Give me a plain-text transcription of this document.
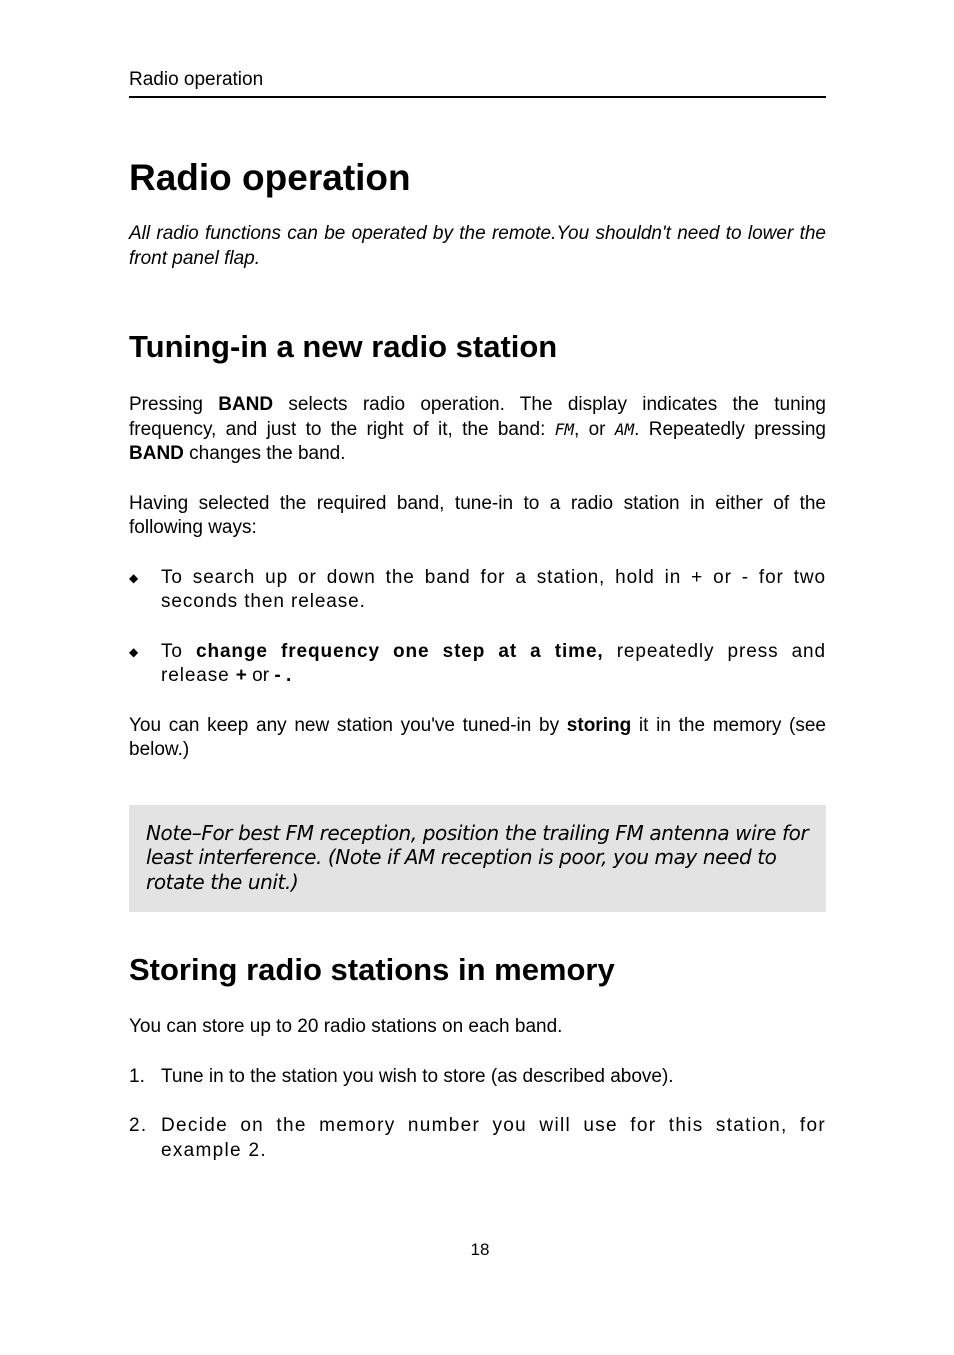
Radio operation
Radio operation

All radio functions can be operated by the remote.You shouldn't need to lower the front panel flap.

Tuning-in a new radio station

Pressing BAND selects radio operation. The display indicates the tuning frequency, and just to the right of it, the band: FM, or AM. Repeatedly pressing BAND changes the band.

Having selected the required band, tune-in to a radio station in either of the following ways:

◆ To search up or down the band for a station, hold in + or - for two seconds then release.
◆ To change frequency one step at a time, repeatedly press and release + or - .

You can keep any new station you've tuned-in by storing it in the memory (see below.)

Note–For best FM reception, position the trailing FM antenna wire for least interference. (Note if AM reception is poor, you may need to rotate the unit.)
Storing radio stations in memory

You can store up to 20 radio stations on each band.

1. Tune in to the station you wish to store (as described above).
2. Decide on the memory number you will use for this station, for example 2.
18
